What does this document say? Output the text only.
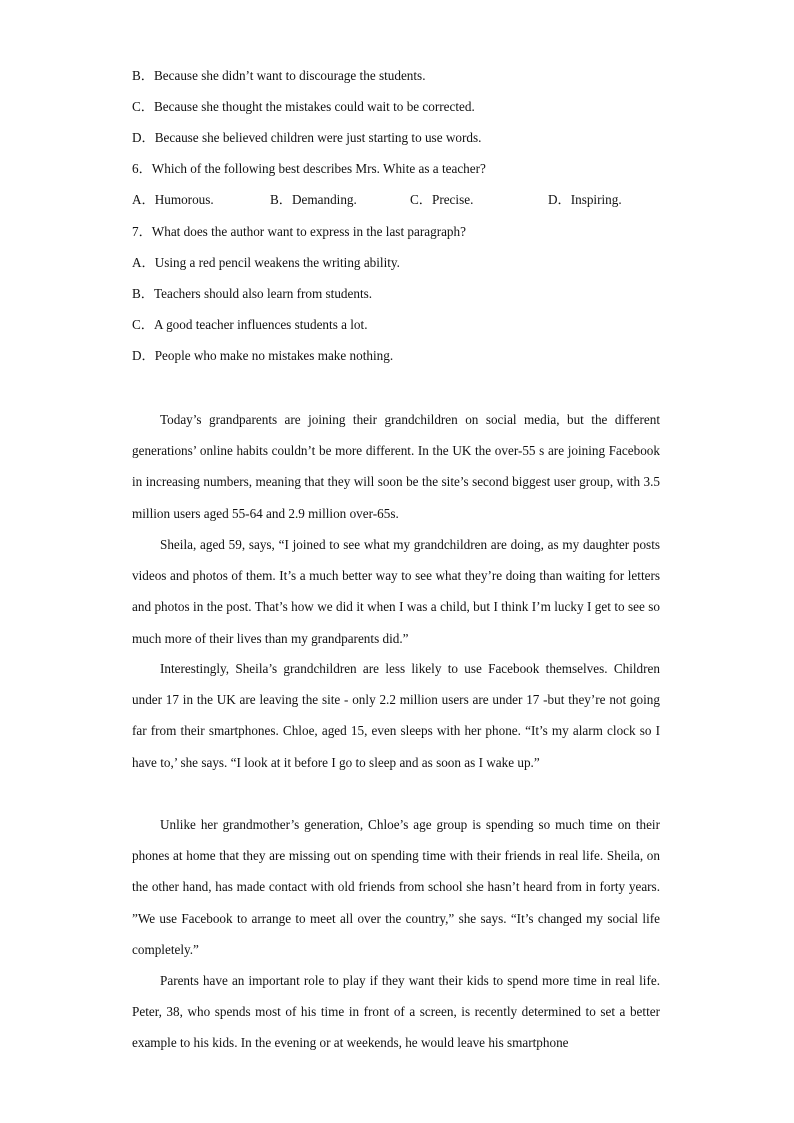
B．Because she didn’t want to discourage the students.
C．Because she thought the mistakes could wait to be corrected.
D．Because she believed children were just starting to use words.
6．Which of the following best describes Mrs. White as a teacher?
A．Humorous.	B．Demanding.	C．Precise.	D．Inspiring.
7．What does the author want to express in the last paragraph?
A．Using a red pencil weakens the writing ability.
B．Teachers should also learn from students.
C．A good teacher influences students a lot.
D．People who make no mistakes make nothing.

Today’s grandparents are joining their grandchildren on social media, but the different generations’ online habits couldn’t be more different. In the UK the over-55 s are joining Facebook in increasing numbers, meaning that they will soon be the site’s second biggest user group, with 3.5 million users aged 55-64 and 2.9 million over-65s.

Sheila, aged 59, says, “I joined to see what my grandchildren are doing, as my daughter posts videos and photos of them. It’s a much better way to see what they’re doing than waiting for letters and photos in the post. That’s how we did it when I was a child, but I think I’m lucky I get to see so much more of their lives than my grandparents did.”

Interestingly, Sheila’s grandchildren are less likely to use Facebook themselves. Children under 17 in the UK are leaving the site - only 2.2 million users are under 17 -but they’re not going far from their smartphones. Chloe, aged 15, even sleeps with her phone. “It’s my alarm clock so I have to,’ she says. “I look at it before I go to sleep and as soon as I wake up.”

Unlike her grandmother’s generation, Chloe’s age group is spending so much time on their phones at home that they are missing out on spending time with their friends in real life. Sheila, on the other hand, has made contact with old friends from school she hasn’t heard from in forty years. ”We use Facebook to arrange to meet all over the country,” she says. “It’s changed my social life completely.”

Parents have an important role to play if they want their kids to spend more time in real life. Peter, 38, who spends most of his time in front of a screen, is recently determined to set a better example to his kids. In the evening or at weekends, he would leave his smartphone
